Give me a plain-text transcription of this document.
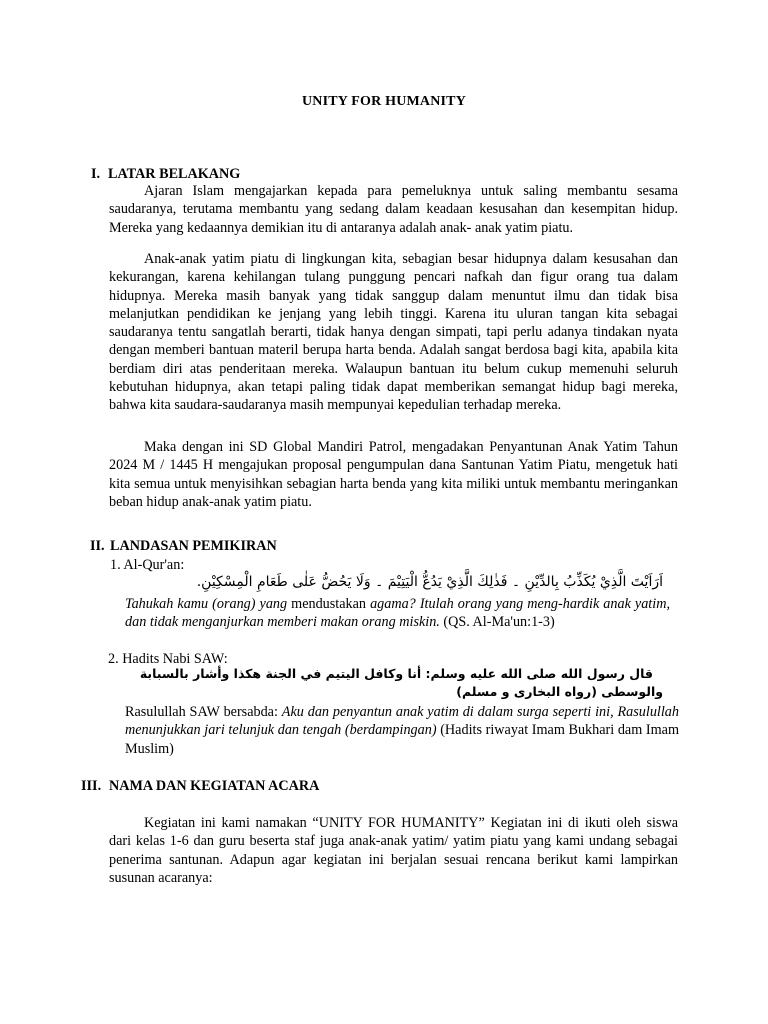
UNITY FOR HUMANITY
I. LATAR BELAKANG

Ajaran Islam mengajarkan kepada para pemeluknya untuk saling membantu sesama saudaranya, terutama membantu yang sedang dalam keadaan kesusahan dan kesempitan hidup. Mereka yang kedaannya demikian itu di antaranya adalah anak- anak yatim piatu.

Anak-anak yatim piatu di lingkungan kita, sebagian besar hidupnya dalam kesusahan dan kekurangan, karena kehilangan tulang punggung pencari nafkah dan figur orang tua dalam hidupnya. Mereka masih banyak yang tidak sanggup dalam menuntut ilmu dan tidak bisa melanjutkan pendidikan ke jenjang yang lebih tinggi. Karena itu uluran tangan kita sebagai saudaranya tentu sangatlah berarti, tidak hanya dengan simpati, tapi perlu adanya tindakan nyata dengan memberi bantuan materil berupa harta benda. Adalah sangat berdosa bagi kita, apabila kita berdiam diri atas penderitaan mereka. Walaupun bantuan itu belum cukup memenuhi seluruh kebutuhan hidupnya, akan tetapi paling tidak dapat memberikan semangat hidup bagi mereka, bahwa kita saudara-saudaranya masih mempunyai kepedulian terhadap mereka.

Maka dengan ini SD Global Mandiri Patrol, mengadakan Penyantunan Anak Yatim Tahun 2024 M / 1445 H mengajukan proposal pengumpulan dana Santunan Yatim Piatu, mengetuk hati kita semua untuk menyisihkan sebagian harta benda yang kita miliki untuk membantu meringankan beban hidup anak-anak yatim piatu.

II. LANDASAN PEMIKIRAN
1. Al-Qur'an:
اَرَاَيْتَ الَّذِيْ يُكَذِّبُ بِالدِّيْنِ ۔ فَذٰلِكَ الَّذِيْ يَدُعُّ الْيَتِيْمَ ۔ وَلَا يَحُضُّ عَلٰى طَعَامِ الْمِسْكِيْنِ.

Tahukah kamu (orang) yang mendustakan agama? Itulah orang yang meng-hardik anak yatim, dan tidak menganjurkan memberi makan orang miskin. (QS. Al-Ma'un:1-3)

2. Hadits Nabi SAW:
قال رسول الله صلى الله عليه وسلم: أنا وكافل اليتيم في الجنة هكذا وأشار بالسبابة
والوسطى (رواه البخارى و مسلم)

Rasulullah SAW bersabda: Aku dan penyantun anak yatim di dalam surga seperti ini, Rasulullah menunjukkan jari telunjuk dan tengah (berdampingan) (Hadits riwayat Imam Bukhari dam Imam Muslim)

III. NAMA DAN KEGIATAN ACARA

Kegiatan ini kami namakan “UNITY FOR HUMANITY” Kegiatan ini di ikuti oleh siswa dari kelas 1-6 dan guru beserta staf juga anak-anak yatim/ yatim piatu yang kami undang sebagai penerima santunan. Adapun agar kegiatan ini berjalan sesuai rencana berikut kami lampirkan susunan acaranya:
